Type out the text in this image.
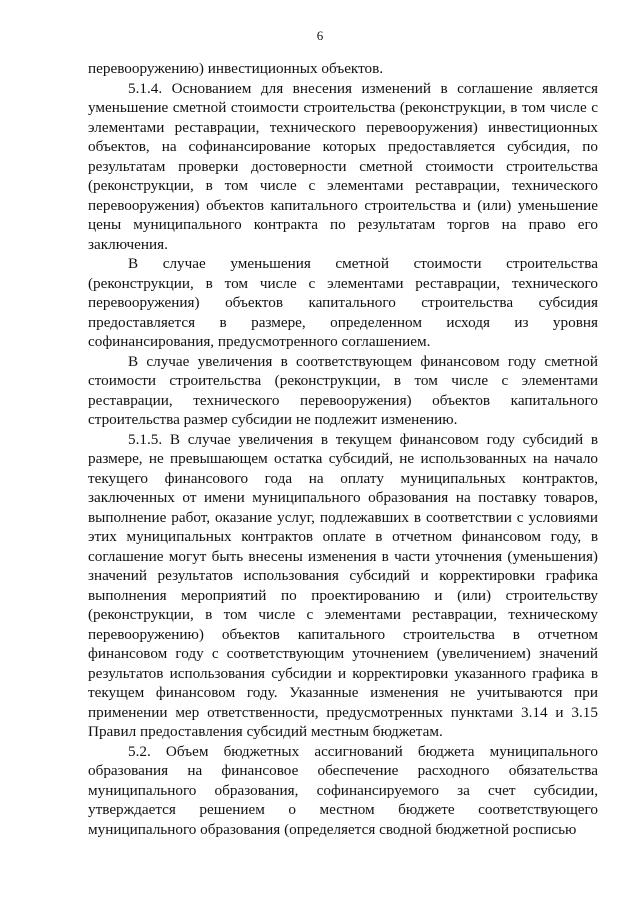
6

перевооружению) инвестиционных объектов.

5.1.4. Основанием для внесения изменений в соглашение является уменьшение сметной стоимости строительства (реконструкции, в том числе с элементами реставрации, технического перевооружения) инвестиционных объектов, на софинансирование которых предоставляется субсидия, по результатам проверки достоверности сметной стоимости строительства (реконструкции, в том числе с элементами реставрации, технического перевооружения) объектов капитального строительства и (или) уменьшение цены муниципального контракта по результатам торгов на право его заключения.

В случае уменьшения сметной стоимости строительства (реконструкции, в том числе с элементами реставрации, технического перевооружения) объектов капитального строительства субсидия предоставляется в размере, определенном исходя из уровня софинансирования, предусмотренного соглашением.

В случае увеличения в соответствующем финансовом году сметной стоимости строительства (реконструкции, в том числе с элементами реставрации, технического перевооружения) объектов капитального строительства размер субсидии не подлежит изменению.

5.1.5. В случае увеличения в текущем финансовом году субсидий в размере, не превышающем остатка субсидий, не использованных на начало текущего финансового года на оплату муниципальных контрактов, заключенных от имени муниципального образования на поставку товаров, выполнение работ, оказание услуг, подлежавших в соответствии с условиями этих муниципальных контрактов оплате в отчетном финансовом году, в соглашение могут быть внесены изменения в части уточнения (уменьшения) значений результатов использования субсидий и корректировки графика выполнения мероприятий по проектированию и (или) строительству (реконструкции, в том числе с элементами реставрации, техническому перевооружению) объектов капитального строительства в отчетном финансовом году с соответствующим уточнением (увеличением) значений результатов использования субсидии и корректировки указанного графика в текущем финансовом году. Указанные изменения не учитываются при применении мер ответственности, предусмотренных пунктами 3.14 и 3.15 Правил предоставления субсидий местным бюджетам.

5.2. Объем бюджетных ассигнований бюджета муниципального образования на финансовое обеспечение расходного обязательства муниципального образования, софинансируемого за счет субсидии, утверждается решением о местном бюджете соответствующего муниципального образования (определяется сводной бюджетной росписью
